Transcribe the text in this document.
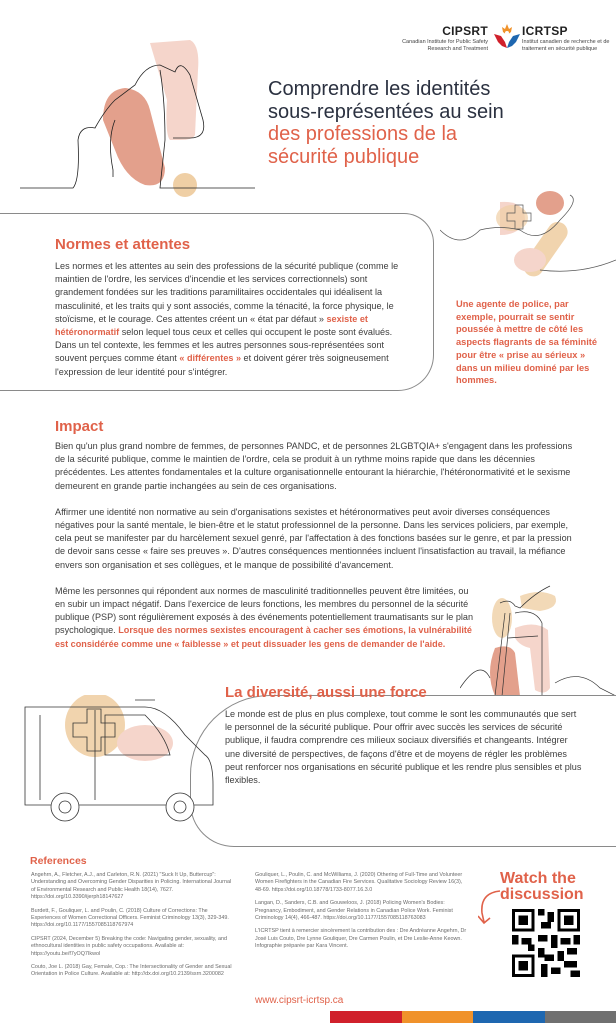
CIPSRT
Canadian Institute for Public Safety Research and Treatment
ICRTSP
Institut canadien de recherche et de traitement en sécurité publique
Comprendre les identités
sous-représentées au sein
des professions de la
sécurité publique
Normes et attentes

Les normes et les attentes au sein des professions de la sécurité publique (comme le maintien de l'ordre, les services d'incendie et les services correctionnels) sont grandement fondées sur les traditions paramilitaires occidentales qui idéalisent la masculinité, et les traits qui y sont associés, comme la ténacité, la force physique, le stoïcisme, et le courage. Ces attentes créent un « état par défaut » sexiste et hétéronormatif selon lequel tous ceux et celles qui occupent le poste sont évalués. Dans un tel contexte, les femmes et les autres personnes sous-représentées sont souvent perçues comme étant « différentes » et doivent gérer très soigneusement l'expression de leur identité pour s'intégrer.

Une agente de police, par exemple, pourrait se sentir poussée à mettre de côté les aspects flagrants de sa féminité pour être « prise au sérieux » dans un milieu dominé par les hommes.
Impact

Bien qu'un plus grand nombre de femmes, de personnes PANDC, et de personnes 2LGBTQIA+ s'engagent dans les professions de la sécurité publique, comme le maintien de l'ordre, cela se produit à un rythme moins rapide que dans les décennies précédentes. Les attentes fondamentales et la culture organisationnelle entourant la hiérarchie, l'hétéronormativité et le sexisme demeurent en grande partie inchangées au sein de ces organisations.

Affirmer une identité non normative au sein d'organisations sexistes et hétéronormatives peut avoir diverses conséquences négatives pour la santé mentale, le bien-être et le statut professionnel de la personne. Dans les services policiers, par exemple, cela peut se manifester par du harcèlement sexuel genré, par l'affectation à des fonctions basées sur le genre, et par la pression de devoir sans cesse « faire ses preuves ». D'autres conséquences mentionnées incluent l'insatisfaction au travail, la méfiance envers son organisation et ses collègues, et le manque de possibilité d'avancement.

Même les personnes qui répondent aux normes de masculinité traditionnelles peuvent être limitées, ou en subir un impact négatif. Dans l'exercice de leurs fonctions, les membres du personnel de la sécurité publique (PSP) sont régulièrement exposés à des événements potentiellement traumatisants sur le plan psychologique. Lorsque des normes sexistes encouragent à cacher ses émotions, la vulnérabilité est considérée comme une « faiblesse » et peut dissuader les gens de demander de l'aide.

La diversité, aussi une force

Le monde est de plus en plus complexe, tout comme le sont les communautés que sert le personnel de la sécurité publique. Pour offrir avec succès les services de sécurité publique, il faudra comprendre ces milieux sociaux diversifiés et changeants. Intégrer une diversité de perspectives, de façons d'être et de moyens de régler les problèmes peut renforcer nos organisations en sécurité publique et les rendre plus sensibles et plus flexibles.

References

Angehrn, A., Fletcher, A.J., and Carleton, R.N. (2021) "Suck It Up, Buttercup": Understanding and Overcoming Gender Disparities in Policing. International Journal of Environmental Research and Public Health 18(14), 7627. https://doi.org/10.3390/ijerph18147627

Burdett, F., Gouliquer, L. and Poulin, C. (2018) Culture of Corrections: The Experiences of Women Correctional Officers. Feminist Criminology 13(3), 329-349. https://doi.org/10.1177/1557085118767974

CIPSRT (2024, December 5) Breaking the code: Navigating gender, sexuality, and ethnocultural identities in public safety occupations. Available at: https://youtu.be/f7yOQ7Ikwol

Couto, Joe L. (2018) Gay, Female, Cop.: The Intersectionality of Gender and Sexual Orientation in Police Culture. Available at: http://dx.doi.org/10.2139/ssrn.3200082

Gouliquer, L., Poulin, C. and McWilliams, J. (2020) Othering of Full-Time and Volunteer Women Firefighters in the Canadian Fire Services. Qualitative Sociology Review 16(3), 48-69. https://doi.org/10.18778/1733-8077.16.3.0

Langan, D., Sanders, C.B. and Gouweloos, J. (2018) Policing Women's Bodies: Pregnancy, Embodiment, and Gender Relations in Canadian Police Work. Feminist Criminology 14(4), 466-487. https://doi.org/10.1177/1557085118763083

L'ICRTSP tient à remercier sincèrement la contribution des : Dre Andréanne Angehrn, Dr José Luis Couto, Dre Lynne Gouliquer, Dre Carmen Poulin, et Dre Leslie-Anne Keown. Infographie préparée par Kara Vincent.

www.cipsrt-icrtsp.ca
Watch the
discussion
